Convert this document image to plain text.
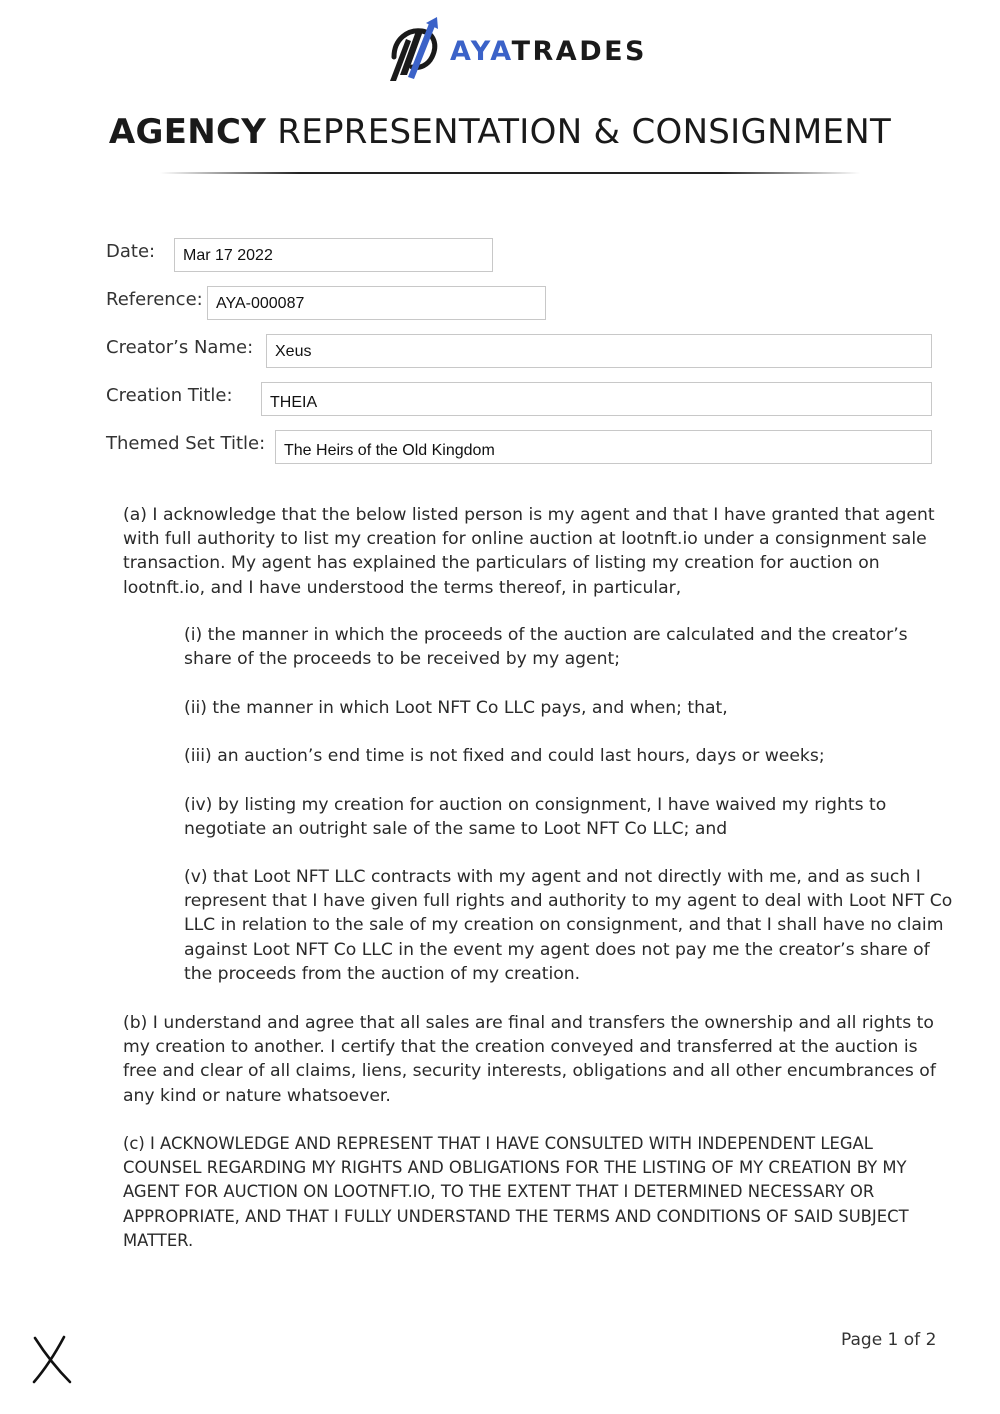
AYATRADES
AGENCY REPRESENTATION & CONSIGNMENT
Date:	Mar 17 2022
Reference: AYA-000087
Creator’s Name:	Xeus
Creation Title:	THEIA
Themed Set Title:	The Heirs of the Old Kingdom
(a) I acknowledge that the below listed person is my agent and that I have granted that agent with full authority to list my creation for online auction at lootnft.io under a consignment sale transaction. My agent has explained the particulars of listing my creation for auction on lootnft.io, and I have understood the terms thereof, in particular,
(i) the manner in which the proceeds of the auction are calculated and the creator’s share of the proceeds to be received by my agent;
(ii) the manner in which Loot NFT Co LLC pays, and when; that,
(iii) an auction’s end time is not fixed and could last hours, days or weeks;
(iv) by listing my creation for auction on consignment, I have waived my rights to negotiate an outright sale of the same to Loot NFT Co LLC; and
(v) that Loot NFT LLC contracts with my agent and not directly with me, and as such I represent that I have given full rights and authority to my agent to deal with Loot NFT Co LLC in relation to the sale of my creation on consignment, and that I shall have no claim against Loot NFT Co LLC in the event my agent does not pay me the creator’s share of the proceeds from the auction of my creation.
(b) I understand and agree that all sales are final and transfers the ownership and all rights to my creation to another. I certify that the creation conveyed and transferred at the auction is free and clear of all claims, liens, security interests, obligations and all other encumbrances of any kind or nature whatsoever.
(c) I ACKNOWLEDGE AND REPRESENT THAT I HAVE CONSULTED WITH INDEPENDENT LEGAL COUNSEL REGARDING MY RIGHTS AND OBLIGATIONS FOR THE LISTING OF MY CREATION BY MY AGENT FOR AUCTION ON LOOTNFT.IO, TO THE EXTENT THAT I DETERMINED NECESSARY OR APPROPRIATE, AND THAT I FULLY UNDERSTAND THE TERMS AND CONDITIONS OF SAID SUBJECT MATTER.
Page 1 of 2
